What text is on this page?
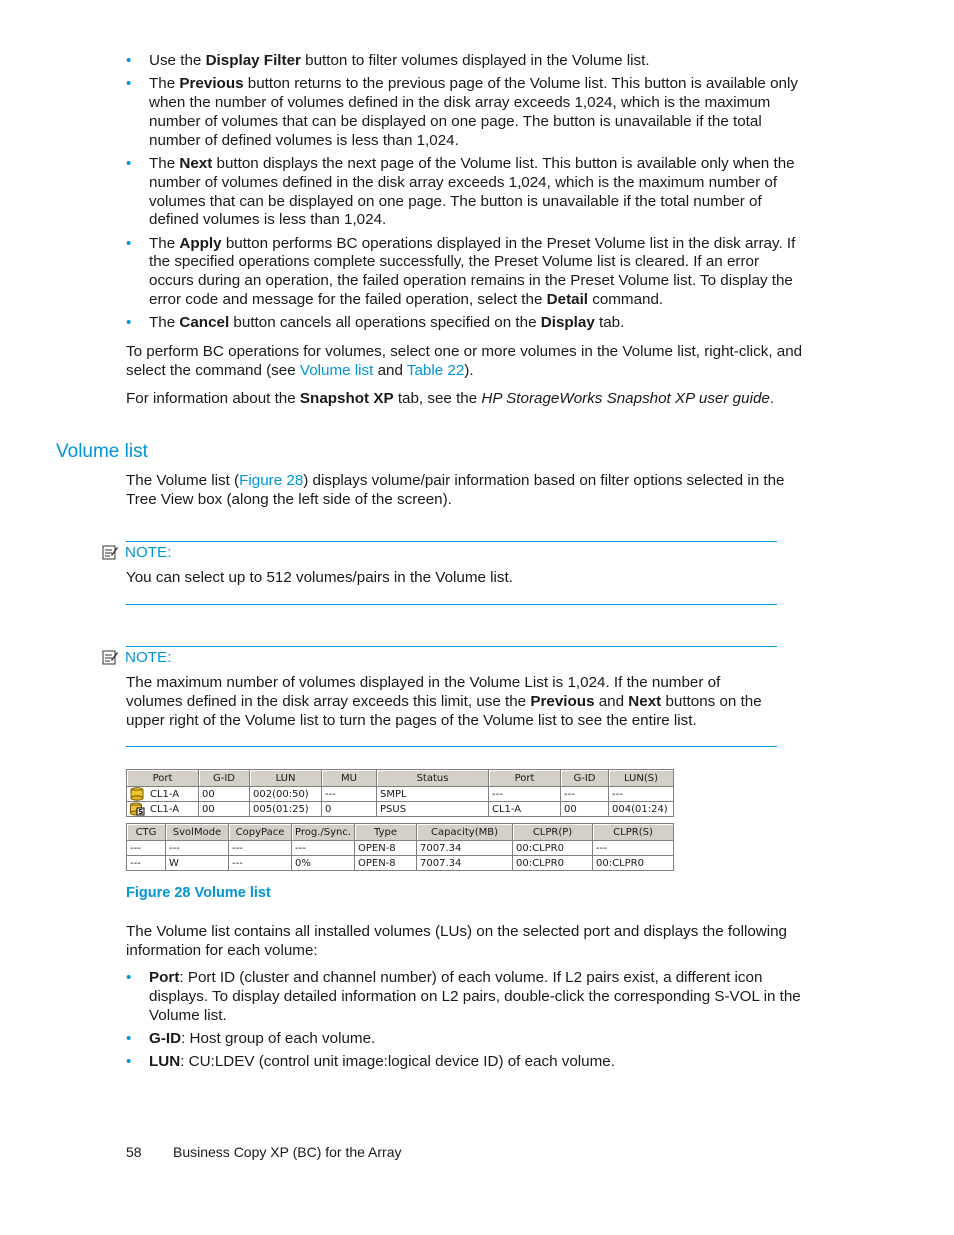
• Use the Display Filter button to filter volumes displayed in the Volume list.
• The Previous button returns to the previous page of the Volume list. This button is available only when the number of volumes defined in the disk array exceeds 1,024, which is the maximum number of volumes that can be displayed on one page. The button is unavailable if the total number of defined volumes is less than 1,024.
• The Next button displays the next page of the Volume list. This button is available only when the number of volumes defined in the disk array exceeds 1,024, which is the maximum number of volumes that can be displayed on one page. The button is unavailable if the total number of defined volumes is less than 1,024.
• The Apply button performs BC operations displayed in the Preset Volume list in the disk array. If the specified operations complete successfully, the Preset Volume list is cleared. If an error occurs during an operation, the failed operation remains in the Preset Volume list. To display the error code and message for the failed operation, select the Detail command.
• The Cancel button cancels all operations specified on the Display tab.

To perform BC operations for volumes, select one or more volumes in the Volume list, right-click, and select the command (see Volume list and Table 22).

For information about the Snapshot XP tab, see the HP StorageWorks Snapshot XP user guide.

Volume list

The Volume list (Figure 28) displays volume/pair information based on filter options selected in the Tree View box (along the left side of the screen).

NOTE:

You can select up to 512 volumes/pairs in the Volume list.

NOTE:

The maximum number of volumes displayed in the Volume List is 1,024. If the number of volumes defined in the disk array exceeds this limit, use the Previous and Next buttons on the upper right of the Volume list to turn the pages of the Volume list to see the entire list.

Port	G-ID	LUN	MU	Status	Port	G-ID	LUN(S)

CL1-A	00	002(00:50)	---	SMPL	---	---	---

S CL1-A	00	005(01:25)	0	PSUS	CL1-A	00	004(01:24)
CTG	SvolMode	CopyPace	Prog./Sync.	Type	Capacity(MB)	CLPR(P)	CLPR(S)
---	---	---	---	OPEN-8	7007.34	00:CLPR0	---
---	W	---	0%	OPEN-8	7007.34	00:CLPR0	00:CLPR0
Figure 28 Volume list

The Volume list contains all installed volumes (LUs) on the selected port and displays the following information for each volume:

• Port: Port ID (cluster and channel number) of each volume. If L2 pairs exist, a different icon displays. To display detailed information on L2 pairs, double-click the corresponding S-VOL in the Volume list.
• G-ID: Host group of each volume.
• LUN: CU:LDEV (control unit image:logical device ID) of each volume.
58 Business Copy XP (BC) for the Array
